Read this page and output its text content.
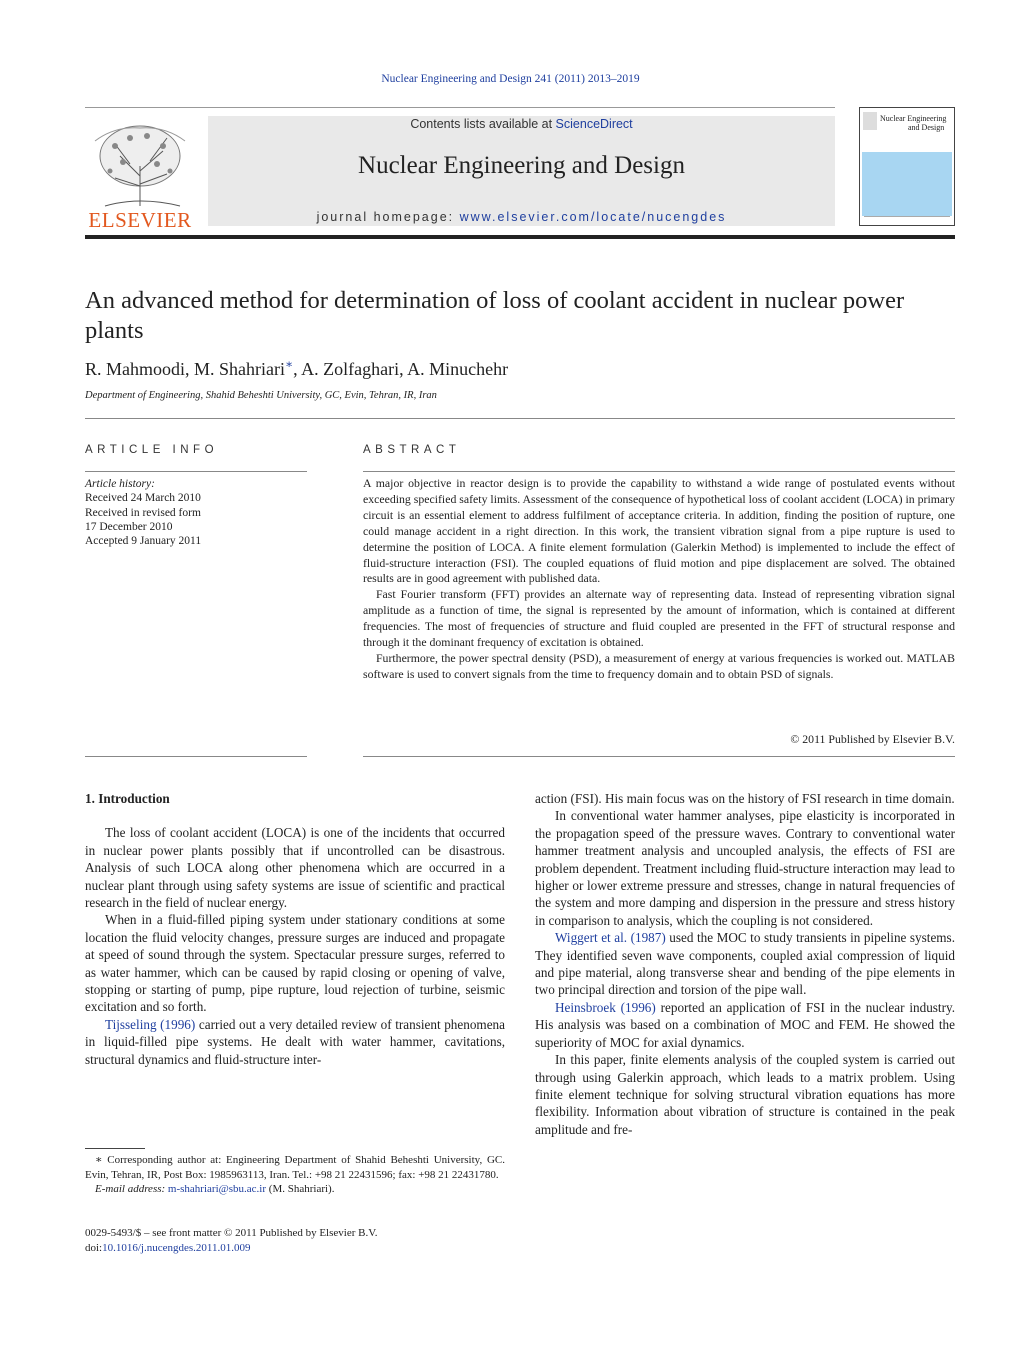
Nuclear Engineering and Design 241 (2011) 2013–2019
ELSEVIER
Contents lists available at ScienceDirect
Nuclear Engineering and Design
journal homepage: www.elsevier.com/locate/nucengdes
Nuclear Engineering
and Design
An advanced method for determination of loss of coolant accident in nuclear power plants
R. Mahmoodi, M. Shahriari∗, A. Zolfaghari, A. Minuchehr
Department of Engineering, Shahid Beheshti University, GC, Evin, Tehran, IR, Iran
ARTICLE INFO	ABSTRACT
Article history:
Received 24 March 2010
Received in revised form
17 December 2010
Accepted 9 January 2011

A major objective in reactor design is to provide the capability to withstand a wide range of postulated events without exceeding specified safety limits. Assessment of the consequence of hypothetical loss of coolant accident (LOCA) in primary circuit is an essential element to address fulfilment of acceptance criteria. In addition, finding the position of rupture, one could manage accident in a right direction. In this work, the transient vibration signal from a pipe rupture is used to determine the position of LOCA. A finite element formulation (Galerkin Method) is implemented to include the effect of fluid-structure interaction (FSI). The coupled equations of fluid motion and pipe displacement are solved. The obtained results are in good agreement with published data.

Fast Fourier transform (FFT) provides an alternate way of representing data. Instead of representing vibration signal amplitude as a function of time, the signal is represented by the amount of information, which is contained at different frequencies. The most of frequencies of structure and fluid coupled are presented in the FFT of structural response and through it the dominant frequency of excitation is obtained.

Furthermore, the power spectral density (PSD), a measurement of energy at various frequencies is worked out. MATLAB software is used to convert signals from the time to frequency domain and to obtain PSD of signals.

© 2011 Published by Elsevier B.V.

1. Introduction

The loss of coolant accident (LOCA) is one of the incidents that occurred in nuclear power plants possibly that if uncontrolled can be disastrous. Analysis of such LOCA along other phenomena which are occurred in a nuclear plant through using safety systems are issue of scientific and practical research in the field of nuclear energy.

When in a fluid-filled piping system under stationary conditions at some location the fluid velocity changes, pressure surges are induced and propagate at speed of sound through the system. Spectacular pressure surges, referred to as water hammer, which can be caused by rapid closing or opening of valve, stopping or starting of pump, pipe rupture, loud rejection of turbine, seismic excitation and so forth.

Tijsseling (1996) carried out a very detailed review of transient phenomena in liquid-filled pipe systems. He dealt with water hammer, cavitations, structural dynamics and fluid-structure inter-

action (FSI). His main focus was on the history of FSI research in time domain.

In conventional water hammer analyses, pipe elasticity is incorporated in the propagation speed of the pressure waves. Contrary to conventional water hammer treatment analysis and uncoupled analysis, the effects of FSI are problem dependent. Treatment including fluid-structure interaction may lead to higher or lower extreme pressure and stresses, change in natural frequencies of the system and more damping and dispersion in the pressure and stress history in comparison to analysis, which the coupling is not considered.

Wiggert et al. (1987) used the MOC to study transients in pipeline systems. They identified seven wave components, coupled axial compression of liquid and pipe material, along transverse shear and bending of the pipe elements in two principal direction and torsion of the pipe wall.

Heinsbroek (1996) reported an application of FSI in the nuclear industry. His analysis was based on a combination of MOC and FEM. He showed the superiority of MOC for axial dynamics.

In this paper, finite elements analysis of the coupled system is carried out through using Galerkin approach, which leads to a matrix problem. Using finite element technique for solving structural vibration equations has more flexibility. Information about vibration of structure is contained in the peak amplitude and fre-

∗ Corresponding author at: Engineering Department of Shahid Beheshti University, GC. Evin, Tehran, IR, Post Box: 1985963113, Iran. Tel.: +98 21 22431596; fax: +98 21 22431780.

E-mail address: m-shahriari@sbu.ac.ir (M. Shahriari).

0029-5493/$ – see front matter © 2011 Published by Elsevier B.V.
doi:10.1016/j.nucengdes.2011.01.009
